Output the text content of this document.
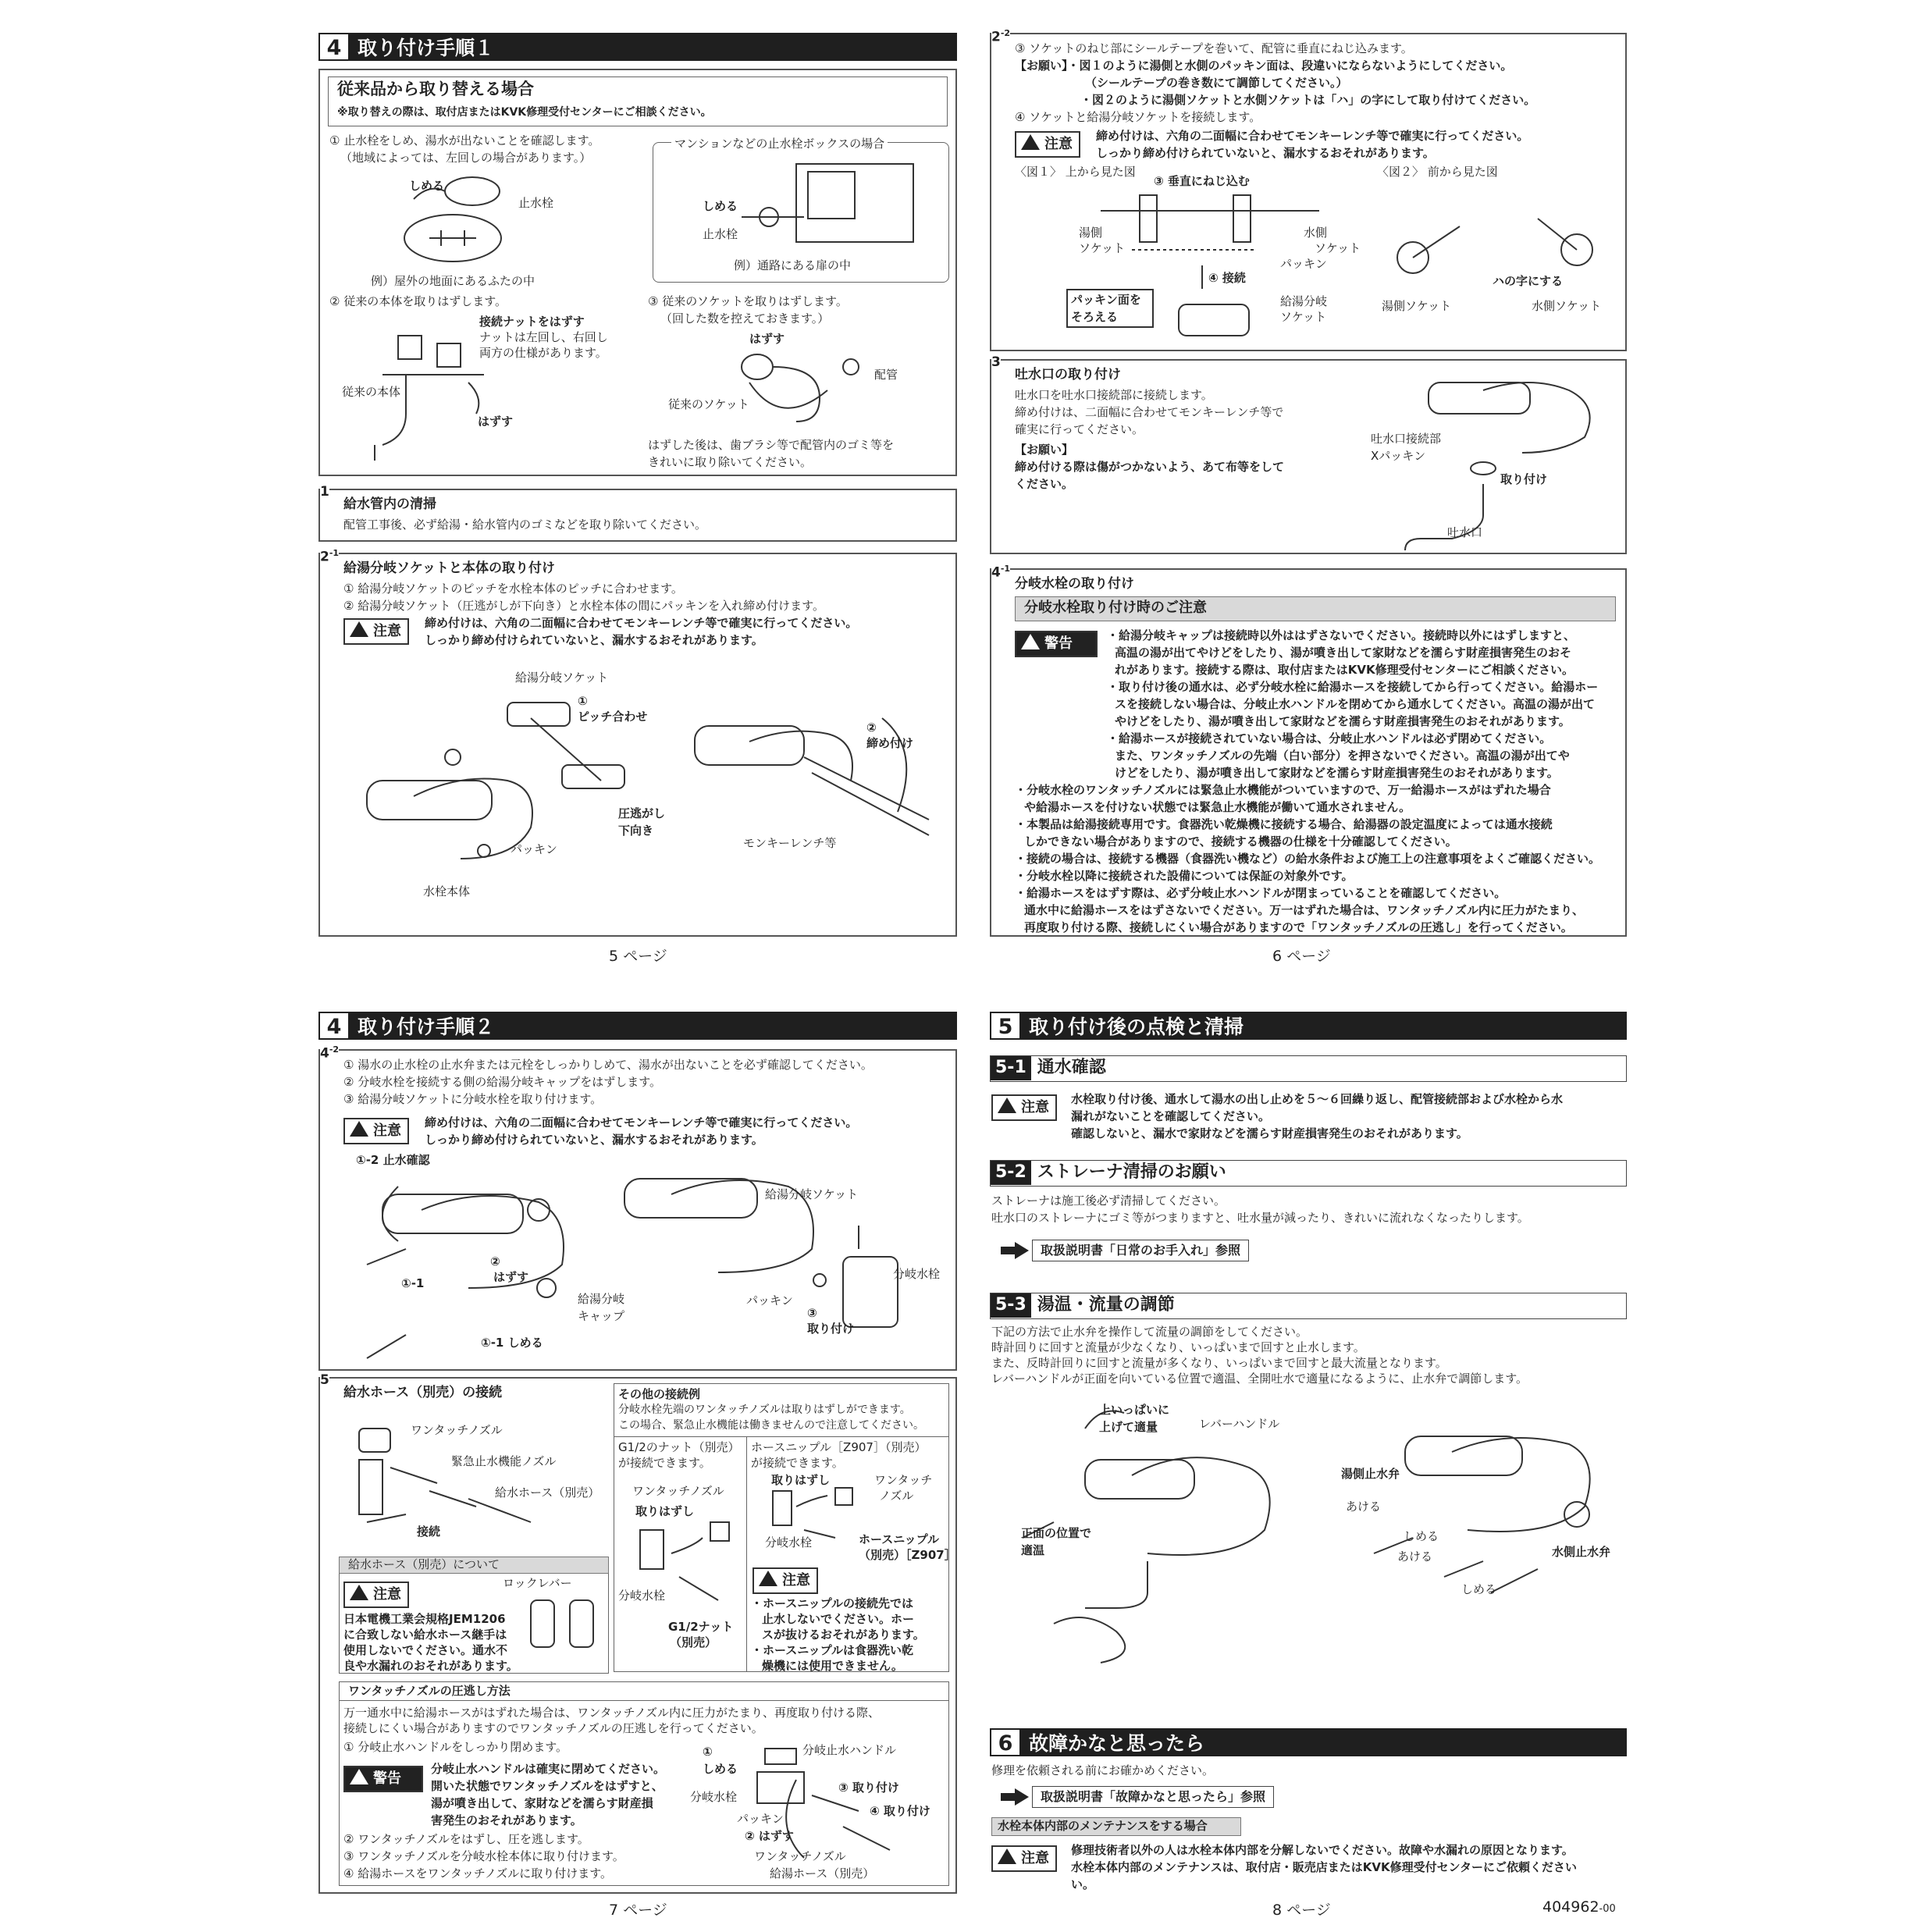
4 取り付け手順１
従来品から取り替える場合
※取り替えの際は、取付店またはKVK修理受付センターにご相談ください。
① 止水栓をしめ、湯水が出ないことを確認します。
（地域によっては、左回しの場合があります。）
しめる
止水栓
例）屋外の地面にあるふたの中
マンションなどの止水栓ボックスの場合
しめる
止水栓
例）通路にある扉の中
② 従来の本体を取りはずします。
接続ナットをはずす
ナットは左回し、右回し
両方の仕様があります。
従来の本体
はずす
③ 従来のソケットを取りはずします。
（回した数を控えておきます。）
はずす
配管
従来のソケット
はずした後は、歯ブラシ等で配管内のゴミ等を
きれいに取り除いてください。
1
給水管内の清掃
配管工事後、必ず給湯・給水管内のゴミなどを取り除いてください。
$2^{-1}$
給湯分岐ソケットと本体の取り付け
① 給湯分岐ソケットのピッチを水栓本体のピッチに合わせます。
② 給湯分岐ソケット（圧逃がしが下向き）と水栓本体の間にパッキンを入れ締め付けます。
注意	締め付けは、六角の二面幅に合わせてモンキーレンチ等で確実に行ってください。
しっかり締め付けられていないと、漏水するおそれがあります。
給湯分岐ソケット
①
ピッチ合わせ
圧逃がし
下向き
パッキン
水栓本体
②
締め付け
モンキーレンチ等
5 ページ
$2^{-2}$
③ ソケットのねじ部にシールテープを巻いて、配管に垂直にねじ込みます。
【お願い】・図１のように湯側と水側のパッキン面は、段違いにならないようにしてください。
（シールテープの巻き数にて調節してください。）
・図２のように湯側ソケットと水側ソケットは「ハ」の字にして取り付けてください。
④ ソケットと給湯分岐ソケットを接続します。
注意	締め付けは、六角の二面幅に合わせてモンキーレンチ等で確実に行ってください。
しっかり締め付けられていないと、漏水するおそれがあります。
〈図１〉 上から見た図	〈図２〉 前から見た図
③ 垂直にねじ込む
湯側
ソケット
水側
ソケット
パッキン
④ 接続
パッキン面を
そろえる
給湯分岐
ソケット
ハの字にする
湯側ソケット	水側ソケット
3
吐水口の取り付け
吐水口を吐水口接続部に接続します。
締め付けは、二面幅に合わせてモンキーレンチ等で
確実に行ってください。
【お願い】
締め付ける際は傷がつかないよう、あて布等をして
ください。
吐水口接続部
Xパッキン
取り付け
吐水口
$4^{-1}$
分岐水栓の取り付け
分岐水栓取り付け時のご注意
警告	・給湯分岐キャップは接続時以外ははずさないでください。接続時以外にはずしますと、
高温の湯が出てやけどをしたり、湯が噴き出して家財などを濡らす財産損害発生のおそ
れがあります。接続する際は、取付店またはKVK修理受付センターにご相談ください。
・取り付け後の通水は、必ず分岐水栓に給湯ホースを接続してから行ってください。給湯ホー
スを接続しない場合は、分岐止水ハンドルを閉めてから通水してください。高温の湯が出て
やけどをしたり、湯が噴き出して家財などを濡らす財産損害発生のおそれがあります。
・給湯ホースが接続されていない場合は、分岐止水ハンドルは必ず閉めてください。
また、ワンタッチノズルの先端（白い部分）を押さないでください。高温の湯が出てや
けどをしたり、湯が噴き出して家財などを濡らす財産損害発生のおそれがあります。
・分岐水栓のワンタッチノズルには緊急止水機能がついていますので、万一給湯ホースがはずれた場合
や給湯ホースを付けない状態では緊急止水機能が働いて通水されません。
・本製品は給湯接続専用です。食器洗い乾燥機に接続する場合、給湯器の設定温度によっては通水接続
しかできない場合がありますので、接続する機器の仕様を十分確認してください。
・接続の場合は、接続する機器（食器洗い機など）の給水条件および施工上の注意事項をよくご確認ください。
・分岐水栓以降に接続された設備については保証の対象外です。
・給湯ホースをはずす際は、必ず分岐止水ハンドルが閉まっていることを確認してください。
通水中に給湯ホースをはずさないでください。万一はずれた場合は、ワンタッチノズル内に圧力がたまり、
再度取り付ける際、接続しにくい場合がありますので「ワンタッチノズルの圧逃し」を行ってください。
6 ページ
4 取り付け手順２
$4^{-2}$
① 湯水の止水栓の止水弁または元栓をしっかりしめて、湯水が出ないことを必ず確認してください。
② 分岐水栓を接続する側の給湯分岐キャップをはずします。
③ 給湯分岐ソケットに分岐水栓を取り付けます。
注意	締め付けは、六角の二面幅に合わせてモンキーレンチ等で確実に行ってください。
しっかり締め付けられていないと、漏水するおそれがあります。
①-2 止水確認
①-1
②
はずす
給湯分岐
キャップ
①-1 しめる
給湯分岐ソケット
分岐水栓
パッキン
③
取り付け
5
給水ホース（別売）の接続
ワンタッチノズル
緊急止水機能ノズル
給水ホース（別売）
接続
その他の接続例
分岐水栓先端のワンタッチノズルは取りはずしができます。
この場合、緊急止水機能は働きませんので注意してください。
G1/2のナット（別売）
が接続できます。
ワンタッチノズル
取りはずし
分岐水栓
G1/2ナット
（別売）
ホースニップル［Z907］（別売）
が接続できます。
取りはずし	ワンタッチ
ノズル
分岐水栓	ホースニップル
（別売）［Z907］
注意
・ホースニップルの接続先では
止水しないでください。ホー
スが抜けるおそれがあります。
・ホースニップルは食器洗い乾
燥機には使用できません。
給水ホース（別売）について
ロックレバー
注意
日本電機工業会規格JEM1206
に合致しない給水ホース継手は
使用しないでください。通水不
良や水漏れのおそれがあります。
ワンタッチノズルの圧逃し方法
万一通水中に給湯ホースがはずれた場合は、ワンタッチノズル内に圧力がたまり、再度取り付ける際、
接続しにくい場合がありますのでワンタッチノズルの圧逃しを行ってください。
① 分岐止水ハンドルをしっかり閉めます。
警告
分岐止水ハンドルは確実に閉めてください。
開いた状態でワンタッチノズルをはずすと、
湯が噴き出して、家財などを濡らす財産損
害発生のおそれがあります。
② ワンタッチノズルをはずし、圧を逃します。
③ ワンタッチノズルを分岐水栓本体に取り付けます。
④ 給湯ホースをワンタッチノズルに取り付けます。
分岐止水ハンドル
①
しめる
分岐水栓
③ 取り付け
パッキン
④ 取り付け
② はずす
ワンタッチノズル
給湯ホース（別売）
7 ページ
5 取り付け後の点検と清掃
5-1 通水確認
注意	水栓取り付け後、通水して湯水の出し止めを５〜６回繰り返し、配管接続部および水栓から水
漏れがないことを確認してください。
確認しないと、漏水で家財などを濡らす財産損害発生のおそれがあります。
5-2 ストレーナ清掃のお願い
ストレーナは施工後必ず清掃してください。
吐水口のストレーナにゴミ等がつまりますと、吐水量が減ったり、きれいに流れなくなったりします。
取扱説明書「日常のお手入れ」参照
5-3 湯温・流量の調節
下記の方法で止水弁を操作して流量の調節をしてください。
時計回りに回すと流量が少なくなり、いっぱいまで回すと止水します。
また、反時計回りに回すと流量が多くなり、いっぱいまで回すと最大流量となります。
レバーハンドルが正面を向いている位置で適温、全開吐水で適量になるように、止水弁で調節します。
上いっぱいに
上げて適量	レバーハンドル
正面の位置で
適温
湯側止水弁
あける
しめる
あける	水側止水弁
しめる
6 故障かなと思ったら
修理を依頼される前にお確かめください。
取扱説明書「故障かなと思ったら」参照
水栓本体内部のメンテナンスをする場合
注意	修理技術者以外の人は水栓本体内部を分解しないでください。故障や水漏れの原因となります。
水栓本体内部のメンテナンスは、取付店・販売店またはKVK修理受付センターにご依頼ください
い。
8 ページ	404962-00
